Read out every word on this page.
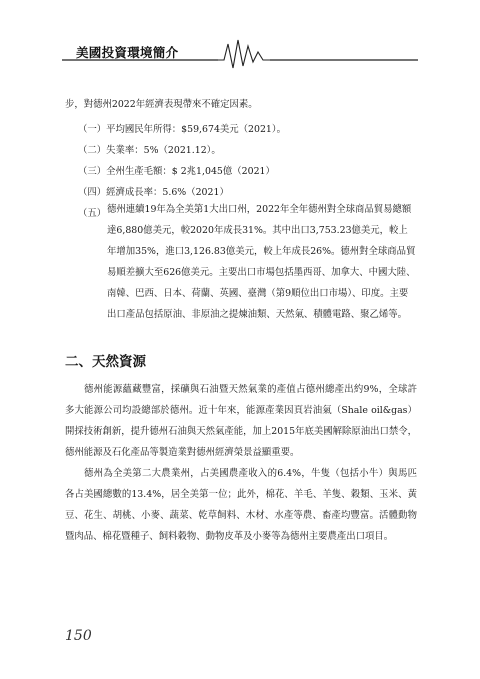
美國投資環境簡介
步，對德州2022年經濟表現帶來不確定因素。
（一）平均國民年所得：$59,674美元（2021）。
（二）失業率：5%（2021.12）。
（三）全州生產毛額：$ 2兆1,045億（2021）
（四）經濟成長率：5.6%（2021）
（五） 德州連續19年為全美第1大出口州，2022年全年德州對全球商品貿易總額達6,880億美元，較2020年成長31%。其中出口3,753.23億美元，較上年增加35%，進口3,126.83億美元，較上年成長26%。德州對全球商品貿易順差擴大至626億美元。主要出口市場包括墨西哥、加拿大、中國大陸、南韓、巴西、日本、荷蘭、英國、臺灣（第9順位出口市場）、印度。主要出口產品包括原油、非原油之提煉油類、天然氣、積體電路、聚乙烯等。
二、天然資源
德州能源蘊藏豐富，採礦與石油暨天然氣業的產值占德州總產出約9%，全球許多大能源公司均設總部於德州。近十年來，能源產業因頁岩油氣（Shale oil&gas）開採技術創新，提升德州石油與天然氣產能，加上2015年底美國解除原油出口禁令，德州能源及石化產品等製造業對德州經濟榮景益顯重要。
德州為全美第二大農業州，占美國農產收入的6.4%，牛隻（包括小牛）與馬匹各占美國總數的13.4%，居全美第一位；此外，棉花、羊毛、羊隻、穀類、玉米、黃豆、花生、胡桃、小麥、蔬菜、乾草飼料、木材、水產等農、畜產均豐富。活體動物暨肉品、棉花暨種子、飼料穀物、動物皮革及小麥等為德州主要農產出口項目。
150
